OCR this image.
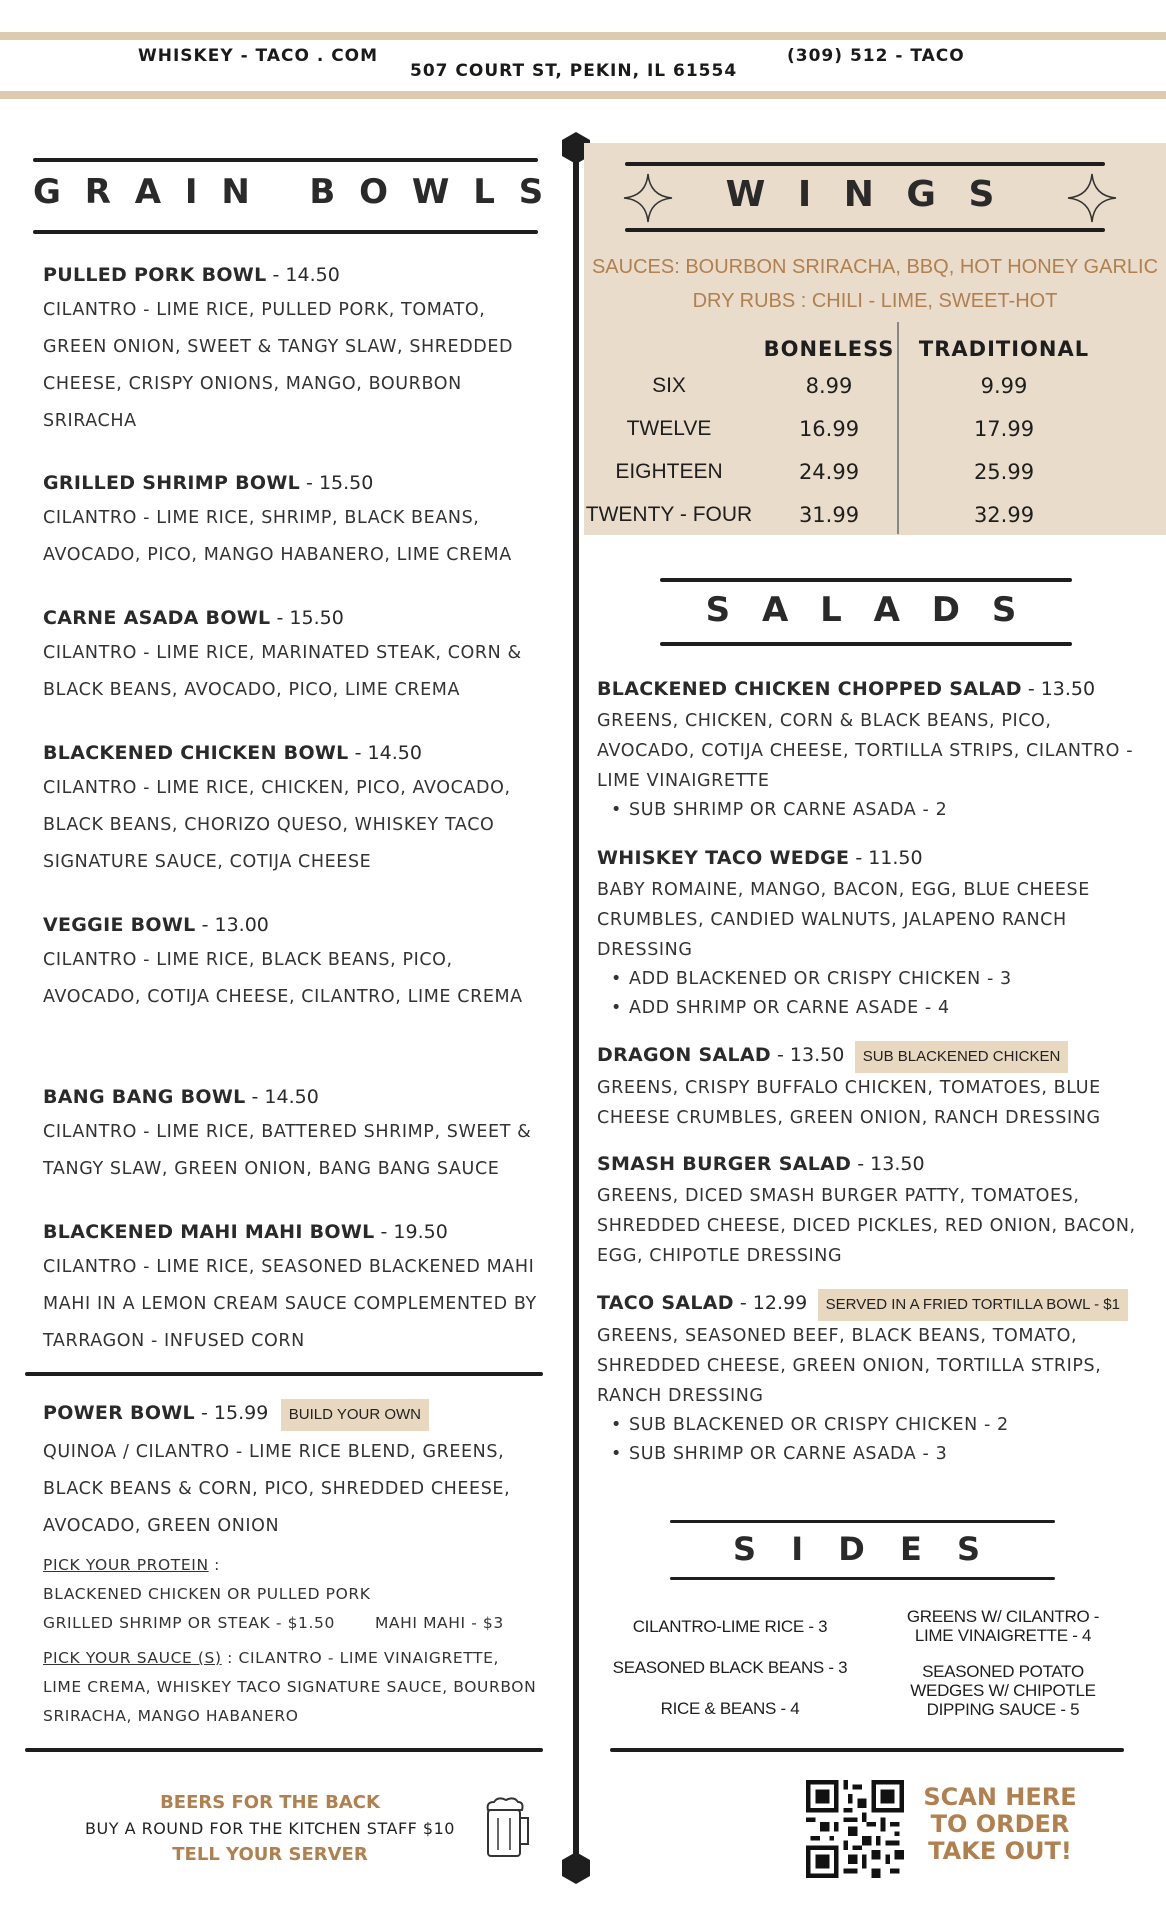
WHISKEY - TACO . COM
507 COURT ST, PEKIN, IL 61554
(309) 512 - TACO
G R A I N   B O W L S
PULLED PORK BOWL - 14.50
CILANTRO - LIME RICE, PULLED PORK, TOMATO, GREEN ONION, SWEET & TANGY SLAW, SHREDDED CHEESE, CRISPY ONIONS, MANGO, BOURBON SRIRACHA
GRILLED SHRIMP BOWL - 15.50
CILANTRO - LIME RICE, SHRIMP, BLACK BEANS, AVOCADO, PICO, MANGO HABANERO, LIME CREMA
CARNE ASADA BOWL - 15.50
CILANTRO - LIME RICE, MARINATED STEAK, CORN & BLACK BEANS, AVOCADO, PICO, LIME CREMA
BLACKENED CHICKEN BOWL - 14.50
CILANTRO - LIME RICE, CHICKEN, PICO, AVOCADO, BLACK BEANS, CHORIZO QUESO, WHISKEY TACO SIGNATURE SAUCE, COTIJA CHEESE
VEGGIE BOWL - 13.00
CILANTRO - LIME RICE, BLACK BEANS, PICO, AVOCADO, COTIJA CHEESE, CILANTRO, LIME CREMA
BANG BANG BOWL - 14.50
CILANTRO - LIME RICE, BATTERED SHRIMP, SWEET & TANGY SLAW, GREEN ONION, BANG BANG SAUCE
BLACKENED MAHI MAHI BOWL - 19.50
CILANTRO - LIME RICE, SEASONED BLACKENED MAHI MAHI IN A LEMON CREAM SAUCE COMPLEMENTED BY TARRAGON - INFUSED CORN
POWER BOWL - 15.99 BUILD YOUR OWN
QUINOA / CILANTRO - LIME RICE BLEND, GREENS, BLACK BEANS & CORN, PICO, SHREDDED CHEESE, AVOCADO, GREEN ONION
PICK YOUR PROTEIN :
BLACKENED CHICKEN OR PULLED PORK
GRILLED SHRIMP OR STEAK - $1.50	MAHI MAHI - $3
PICK YOUR SAUCE (S) : CILANTRO - LIME VINAIGRETTE, LIME CREMA, WHISKEY TACO SIGNATURE SAUCE, BOURBON SRIRACHA, MANGO HABANERO
BEERS FOR THE BACK
BUY A ROUND FOR THE KITCHEN STAFF $10
TELL YOUR SERVER
W I N G S
SAUCES: BOURBON SRIRACHA, BBQ, HOT HONEY GARLIC
DRY RUBS : CHILI - LIME, SWEET-HOT
	BONELESS	TRADITIONAL
SIX	8.99	9.99
TWELVE	16.99	17.99
EIGHTEEN	24.99	25.99
TWENTY - FOUR	31.99	32.99
S A L A D S
BLACKENED CHICKEN CHOPPED SALAD - 13.50
GREENS, CHICKEN, CORN & BLACK BEANS, PICO, AVOCADO, COTIJA CHEESE, TORTILLA STRIPS, CILANTRO - LIME VINAIGRETTE
• SUB SHRIMP OR CARNE ASADA - 2
WHISKEY TACO WEDGE - 11.50
BABY ROMAINE, MANGO, BACON, EGG, BLUE CHEESE CRUMBLES, CANDIED WALNUTS, JALAPENO RANCH DRESSING
• ADD BLACKENED OR CRISPY CHICKEN - 3
• ADD SHRIMP OR CARNE ASADE - 4
DRAGON SALAD - 13.50 SUB BLACKENED CHICKEN
GREENS, CRISPY BUFFALO CHICKEN, TOMATOES, BLUE CHEESE CRUMBLES, GREEN ONION, RANCH DRESSING
SMASH BURGER SALAD - 13.50
GREENS, DICED SMASH BURGER PATTY, TOMATOES, SHREDDED CHEESE, DICED PICKLES, RED ONION, BACON, EGG, CHIPOTLE DRESSING
TACO SALAD - 12.99 SERVED IN A FRIED TORTILLA BOWL - $1
GREENS, SEASONED BEEF, BLACK BEANS, TOMATO, SHREDDED CHEESE, GREEN ONION, TORTILLA STRIPS, RANCH DRESSING
• SUB BLACKENED OR CRISPY CHICKEN - 2
• SUB SHRIMP OR CARNE ASADA - 3
S I D E S
CILANTRO-LIME RICE - 3
SEASONED BLACK BEANS - 3
RICE & BEANS - 4
GREENS W/ CILANTRO - LIME VINAIGRETTE - 4
SEASONED POTATO WEDGES W/ CHIPOTLE DIPPING SAUCE - 5
SCAN HERE
TO ORDER
TAKE OUT!
